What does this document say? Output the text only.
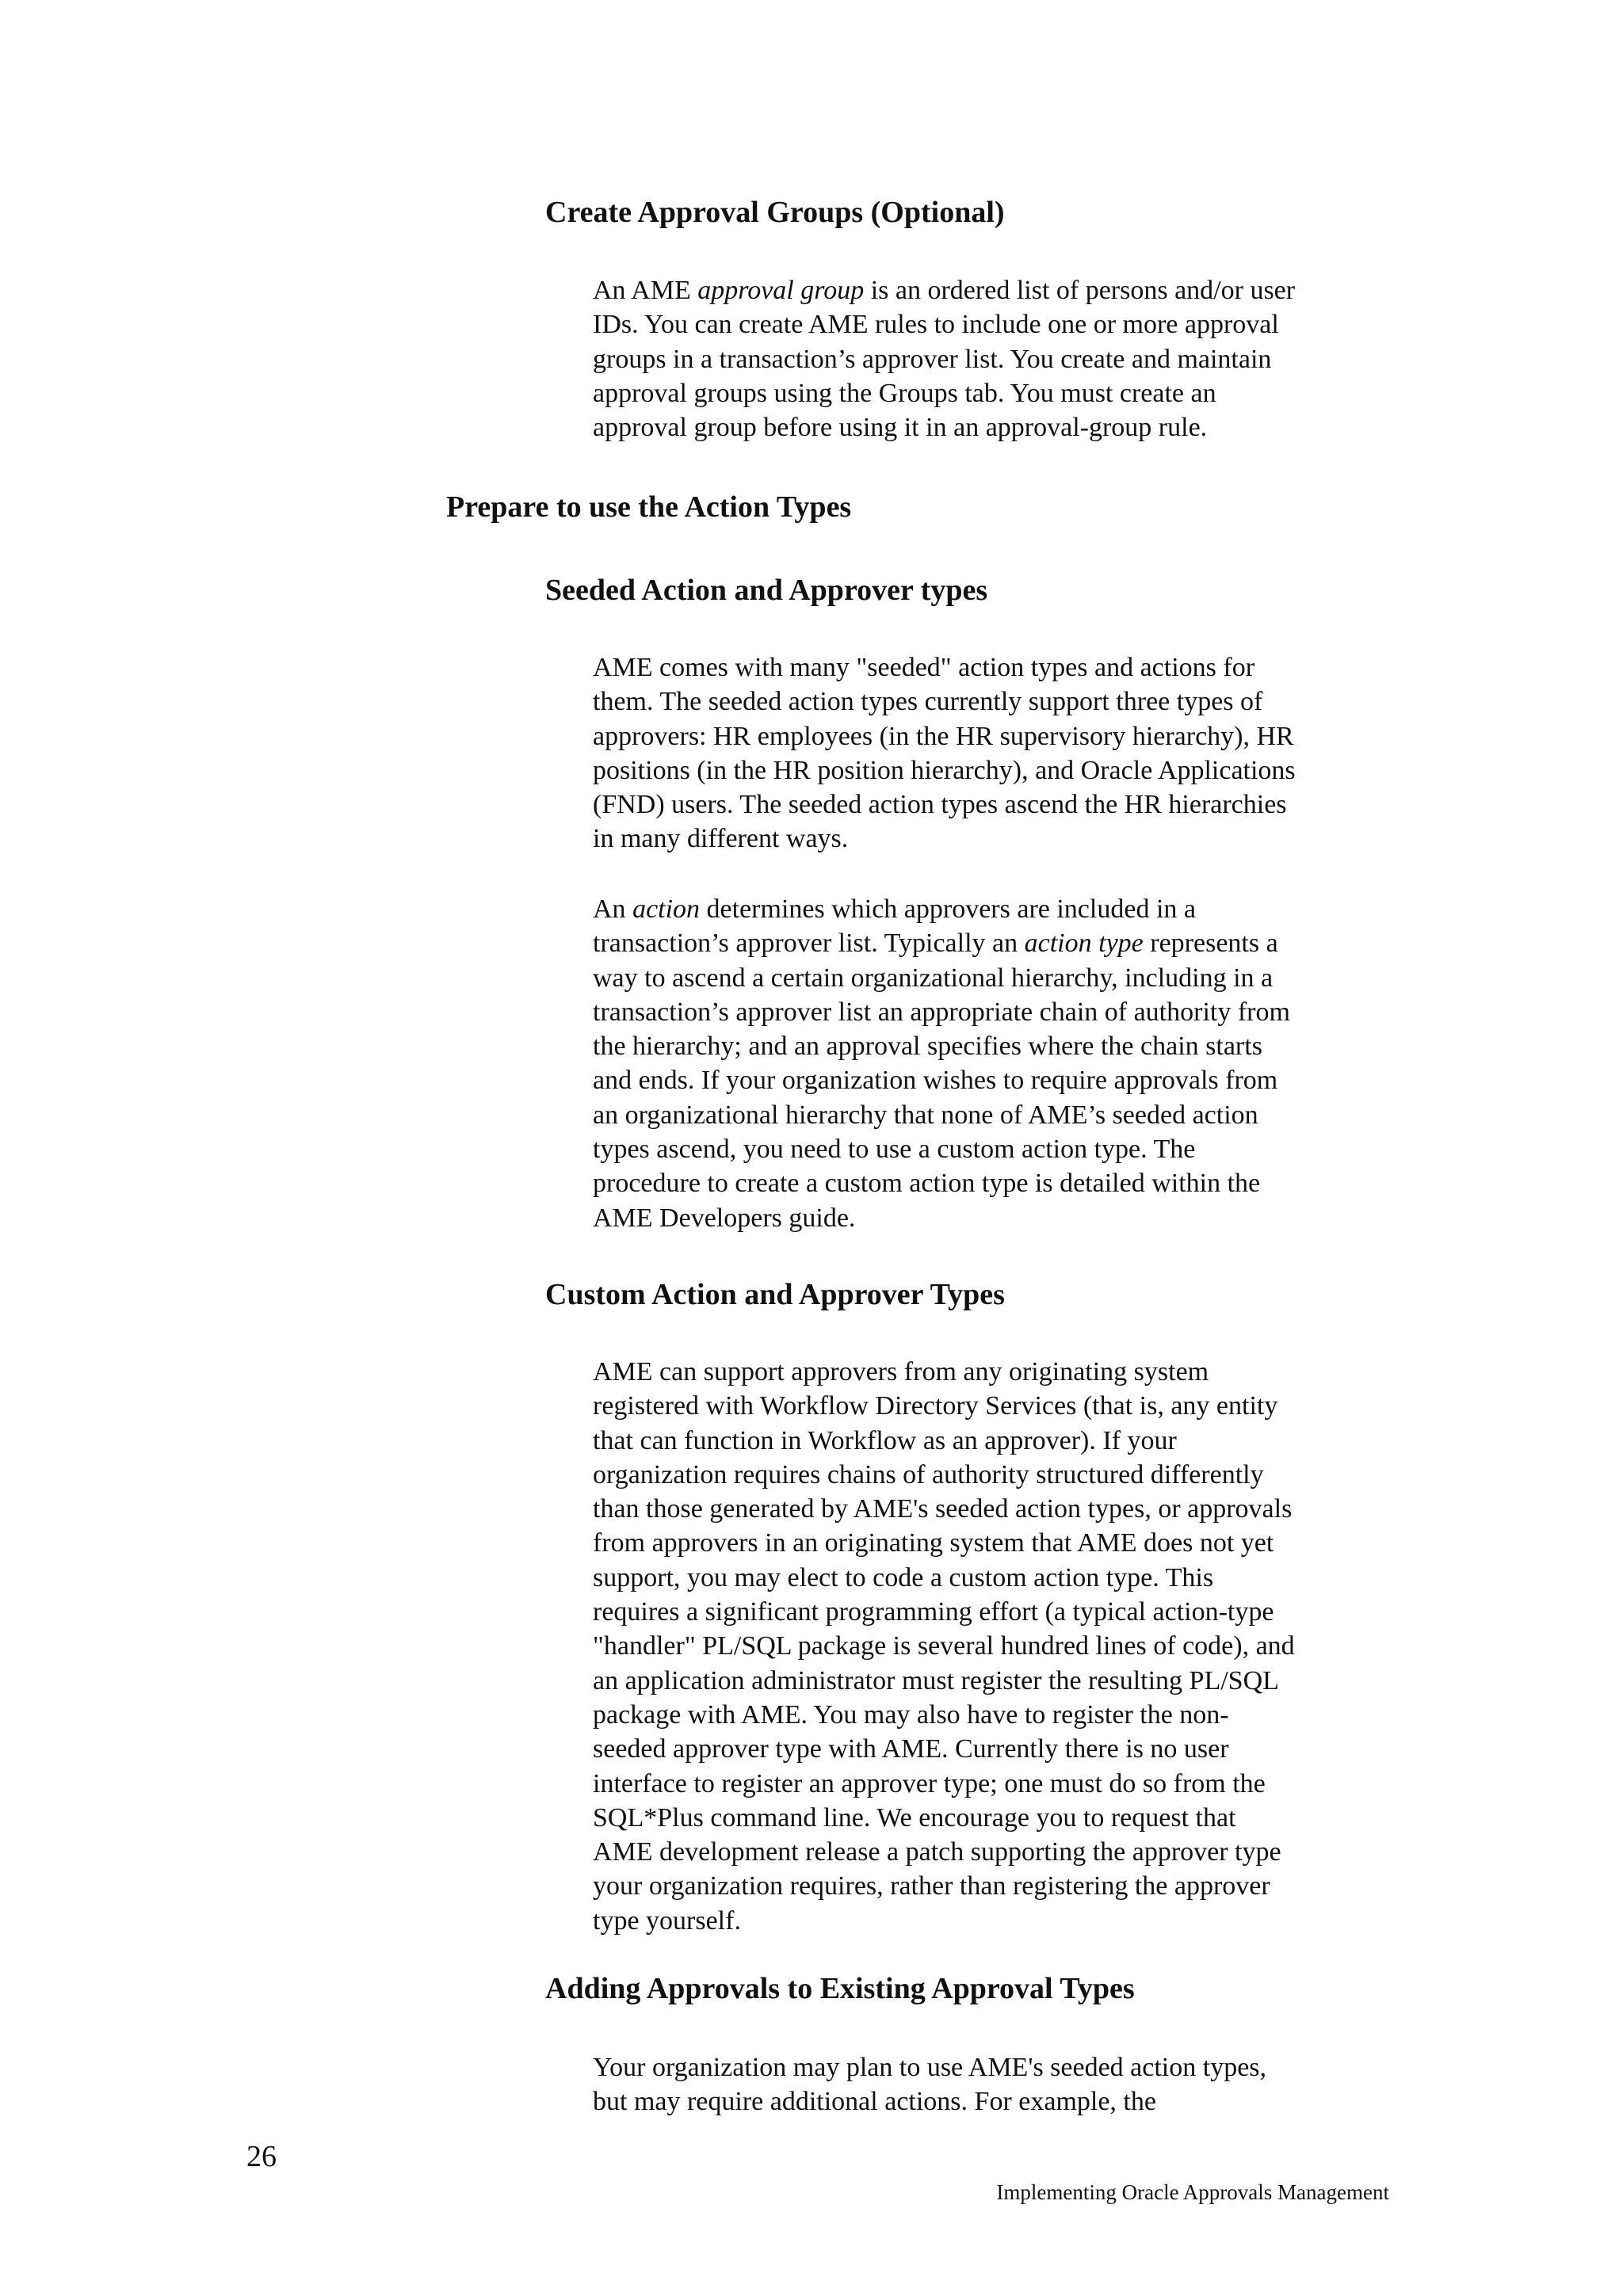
Create Approval Groups (Optional)

An AME approval group is an ordered list of persons and/or user
IDs. You can create AME rules to include one or more approval
groups in a transaction’s approver list. You create and maintain
approval groups using the Groups tab. You must create an
approval group before using it in an approval-group rule.

Prepare to use the Action Types
Seeded Action and Approver types

AME comes with many "seeded" action types and actions for
them. The seeded action types currently support three types of
approvers: HR employees (in the HR supervisory hierarchy), HR
positions (in the HR position hierarchy), and Oracle Applications
(FND) users. The seeded action types ascend the HR hierarchies
in many different ways.

An action determines which approvers are included in a
transaction’s approver list. Typically an action type represents a
way to ascend a certain organizational hierarchy, including in a
transaction’s approver list an appropriate chain of authority from
the hierarchy; and an approval specifies where the chain starts
and ends. If your organization wishes to require approvals from
an organizational hierarchy that none of AME’s seeded action
types ascend, you need to use a custom action type. The
procedure to create a custom action type is detailed within the
AME Developers guide.

Custom Action and Approver Types

AME can support approvers from any originating system
registered with Workflow Directory Services (that is, any entity
that can function in Workflow as an approver). If your
organization requires chains of authority structured differently
than those generated by AME's seeded action types, or approvals
from approvers in an originating system that AME does not yet
support, you may elect to code a custom action type. This
requires a significant programming effort (a typical action-type
"handler" PL/SQL package is several hundred lines of code), and
an application administrator must register the resulting PL/SQL
package with AME. You may also have to register the non-
seeded approver type with AME. Currently there is no user
interface to register an approver type; one must do so from the
SQL*Plus command line. We encourage you to request that
AME development release a patch supporting the approver type
your organization requires, rather than registering the approver
type yourself.

Adding Approvals to Existing Approval Types

Your organization may plan to use AME's seeded action types,
but may require additional actions. For example, the

26
Implementing Oracle Approvals Management
